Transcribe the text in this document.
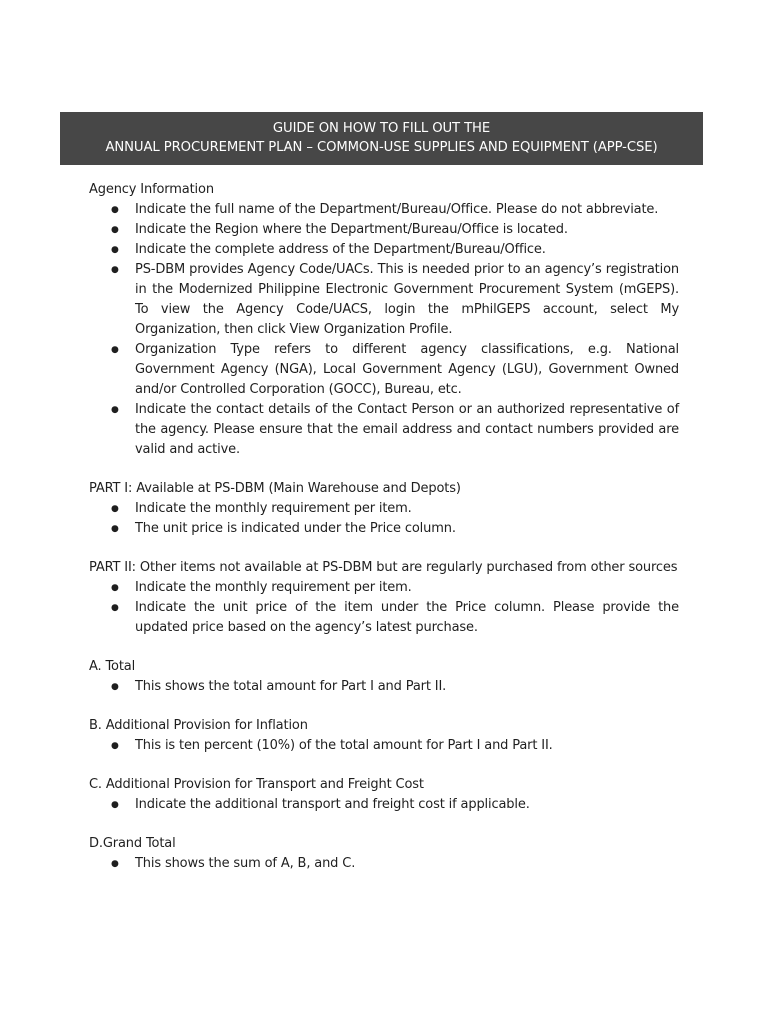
GUIDE ON HOW TO FILL OUT THE
ANNUAL PROCUREMENT PLAN – COMMON-USE SUPPLIES AND EQUIPMENT (APP-CSE)

Agency Information

● Indicate the full name of the Department/Bureau/Office. Please do not abbreviate.
● Indicate the Region where the Department/Bureau/Office is located.
● Indicate the complete address of the Department/Bureau/Office.
● PS-DBM provides Agency Code/UACs. This is needed prior to an agency’s registration in the Modernized Philippine Electronic Government Procurement System (mGEPS). To view the Agency Code/UACS, login the mPhilGEPS account, select My Organization, then click View Organization Profile.
● Organization Type refers to different agency classifications, e.g. National Government Agency (NGA), Local Government Agency (LGU), Government Owned and/or Controlled Corporation (GOCC), Bureau, etc.
● Indicate the contact details of the Contact Person or an authorized representative of the agency. Please ensure that the email address and contact numbers provided are valid and active.

PART I: Available at PS-DBM (Main Warehouse and Depots)

● Indicate the monthly requirement per item.
● The unit price is indicated under the Price column.

PART II: Other items not available at PS-DBM but are regularly purchased from other sources

● Indicate the monthly requirement per item.
● Indicate the unit price of the item under the Price column. Please provide the updated price based on the agency’s latest purchase.

A. Total

● This shows the total amount for Part I and Part II.

B. Additional Provision for Inflation

● This is ten percent (10%) of the total amount for Part I and Part II.

C. Additional Provision for Transport and Freight Cost

● Indicate the additional transport and freight cost if applicable.

D.Grand Total

● This shows the sum of A, B, and C.
